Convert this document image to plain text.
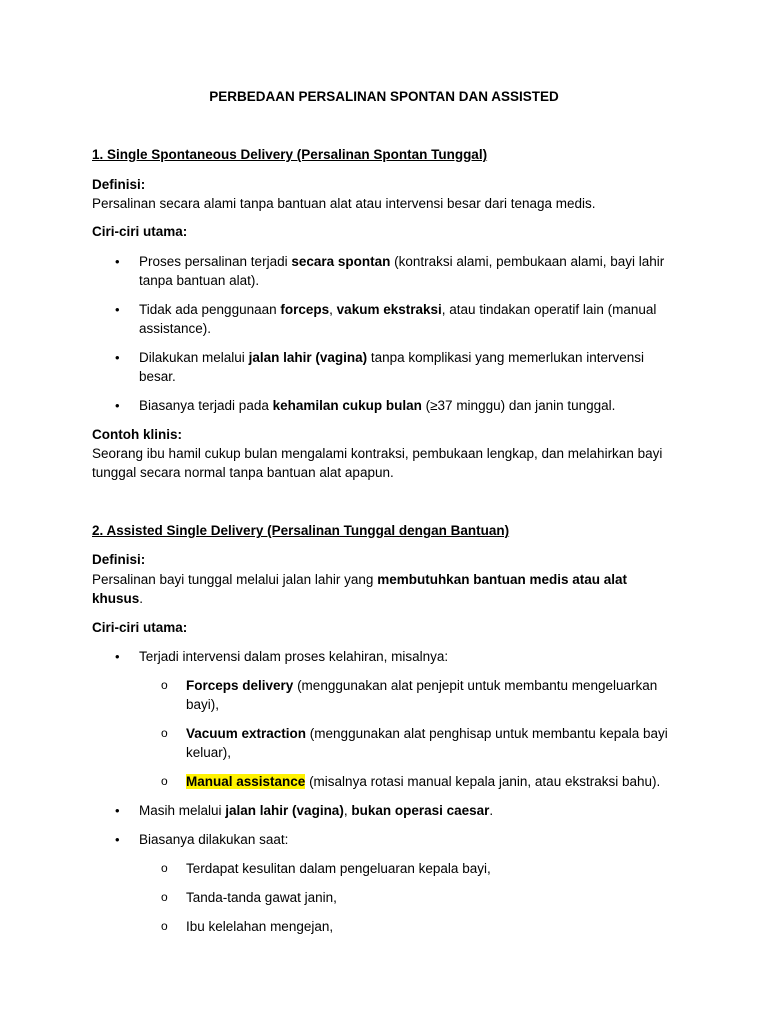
PERBEDAAN PERSALINAN SPONTAN DAN ASSISTED
1. Single Spontaneous Delivery (Persalinan Spontan Tunggal)
Definisi:
Persalinan secara alami tanpa bantuan alat atau intervensi besar dari tenaga medis.
Ciri-ciri utama:
•	Proses persalinan terjadi secara spontan (kontraksi alami, pembukaan alami, bayi lahir tanpa bantuan alat).
•	Tidak ada penggunaan forceps, vakum ekstraksi, atau tindakan operatif lain (manual assistance).
•	Dilakukan melalui jalan lahir (vagina) tanpa komplikasi yang memerlukan intervensi besar.
•	Biasanya terjadi pada kehamilan cukup bulan (≥37 minggu) dan janin tunggal.
Contoh klinis:
Seorang ibu hamil cukup bulan mengalami kontraksi, pembukaan lengkap, dan melahirkan bayi tunggal secara normal tanpa bantuan alat apapun.
2. Assisted Single Delivery (Persalinan Tunggal dengan Bantuan)
Definisi:
Persalinan bayi tunggal melalui jalan lahir yang membutuhkan bantuan medis atau alat khusus.
Ciri-ciri utama:
•	Terjadi intervensi dalam proses kelahiran, misalnya:
o	Forceps delivery (menggunakan alat penjepit untuk membantu mengeluarkan bayi),
o	Vacuum extraction (menggunakan alat penghisap untuk membantu kepala bayi keluar),
o	Manual assistance (misalnya rotasi manual kepala janin, atau ekstraksi bahu).
•	Masih melalui jalan lahir (vagina), bukan operasi caesar.
•	Biasanya dilakukan saat:
o	Terdapat kesulitan dalam pengeluaran kepala bayi,
o	Tanda-tanda gawat janin,
o	Ibu kelelahan mengejan,
